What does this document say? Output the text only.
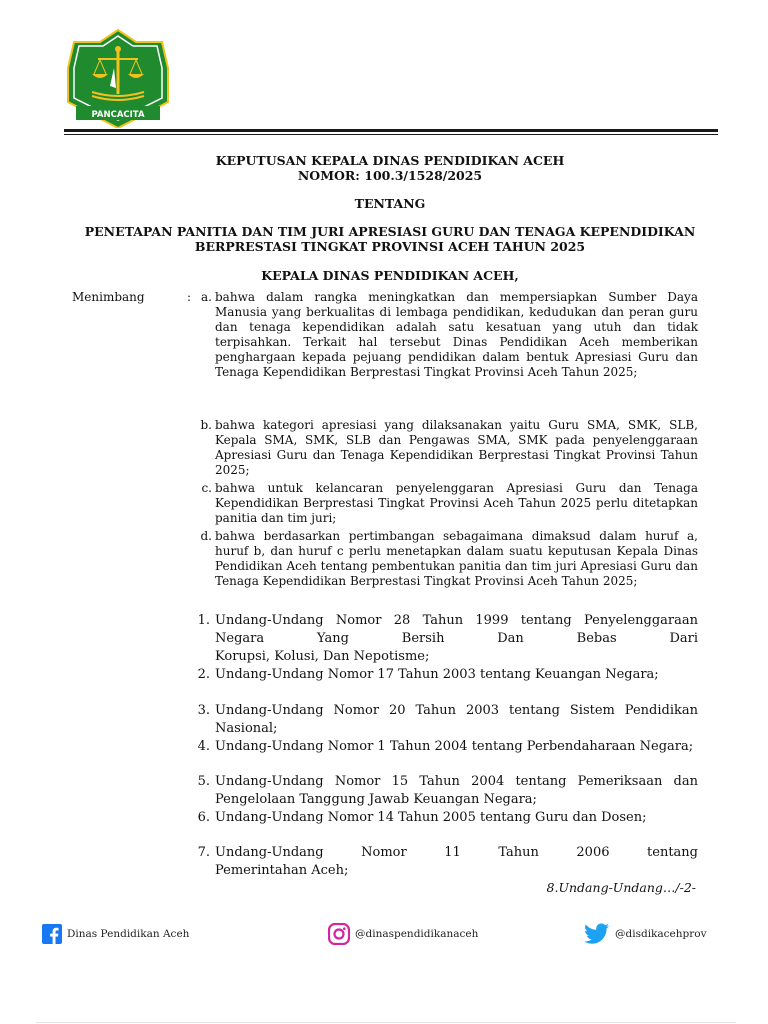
PANCACITA
KEPUTUSAN KEPALA DINAS PENDIDIKAN ACEH
NOMOR: 100.3/1528/2025
TENTANG
PENETAPAN PANITIA DAN TIM JURI APRESIASI GURU DAN TENAGA KEPENDIDIKAN
BERPRESTASI TINGKAT PROVINSI ACEH TAHUN 2025
KEPALA DINAS PENDIDIKAN ACEH,
Menimbang	: a. bahwa dalam rangka meningkatkan dan mempersiapkan Sumber Daya Manusia yang berkualitas di lembaga pendidikan, kedudukan dan peran guru dan tenaga kependidikan adalah satu kesatuan yang utuh dan tidak terpisahkan. Terkait hal tersebut Dinas Pendidikan Aceh memberikan penghargaan kepada pejuang pendidikan dalam bentuk Apresiasi Guru dan Tenaga Kependidikan Berprestasi Tingkat Provinsi Aceh Tahun 2025;
b. bahwa kategori apresiasi yang dilaksanakan yaitu Guru SMA, SMK, SLB, Kepala SMA, SMK, SLB dan Pengawas SMA, SMK pada penyelenggaraan Apresiasi Guru dan Tenaga Kependidikan Berprestasi Tingkat Provinsi Tahun 2025;
c. bahwa untuk kelancaran penyelenggaran Apresiasi Guru dan Tenaga Kependidikan Berprestasi Tingkat Provinsi Aceh Tahun 2025 perlu ditetapkan panitia dan tim juri;
d. bahwa berdasarkan pertimbangan sebagaimana dimaksud dalam huruf a, huruf b, dan huruf c perlu menetapkan dalam suatu keputusan Kepala Dinas Pendidikan Aceh tentang pembentukan panitia dan tim juri Apresiasi Guru dan Tenaga Kependidikan Berprestasi Tingkat Provinsi Aceh Tahun 2025;
1. Undang-Undang Nomor 28 Tahun 1999 tentang Penyelenggaraan Negara Yang Bersih Dan Bebas Dari
Korupsi, Kolusi, Dan Nepotisme;
2. Undang-Undang Nomor 17 Tahun 2003 tentang Keuangan Negara;
3. Undang-Undang Nomor 20 Tahun 2003 tentang Sistem Pendidikan Nasional;
4. Undang-Undang Nomor 1 Tahun 2004 tentang Perbendaharaan Negara;
5. Undang-Undang Nomor 15 Tahun 2004 tentang Pemeriksaan dan Pengelolaan Tanggung Jawab Keuangan Negara;
6. Undang-Undang Nomor 14 Tahun 2005 tentang Guru dan Dosen;
7. Undang-Undang Nomor 11 Tahun 2006 tentang
Pemerintahan Aceh;
8.Undang-Undang…/-2-
Dinas Pendidikan Aceh	@dinaspendidikanaceh	@disdikacehprov
